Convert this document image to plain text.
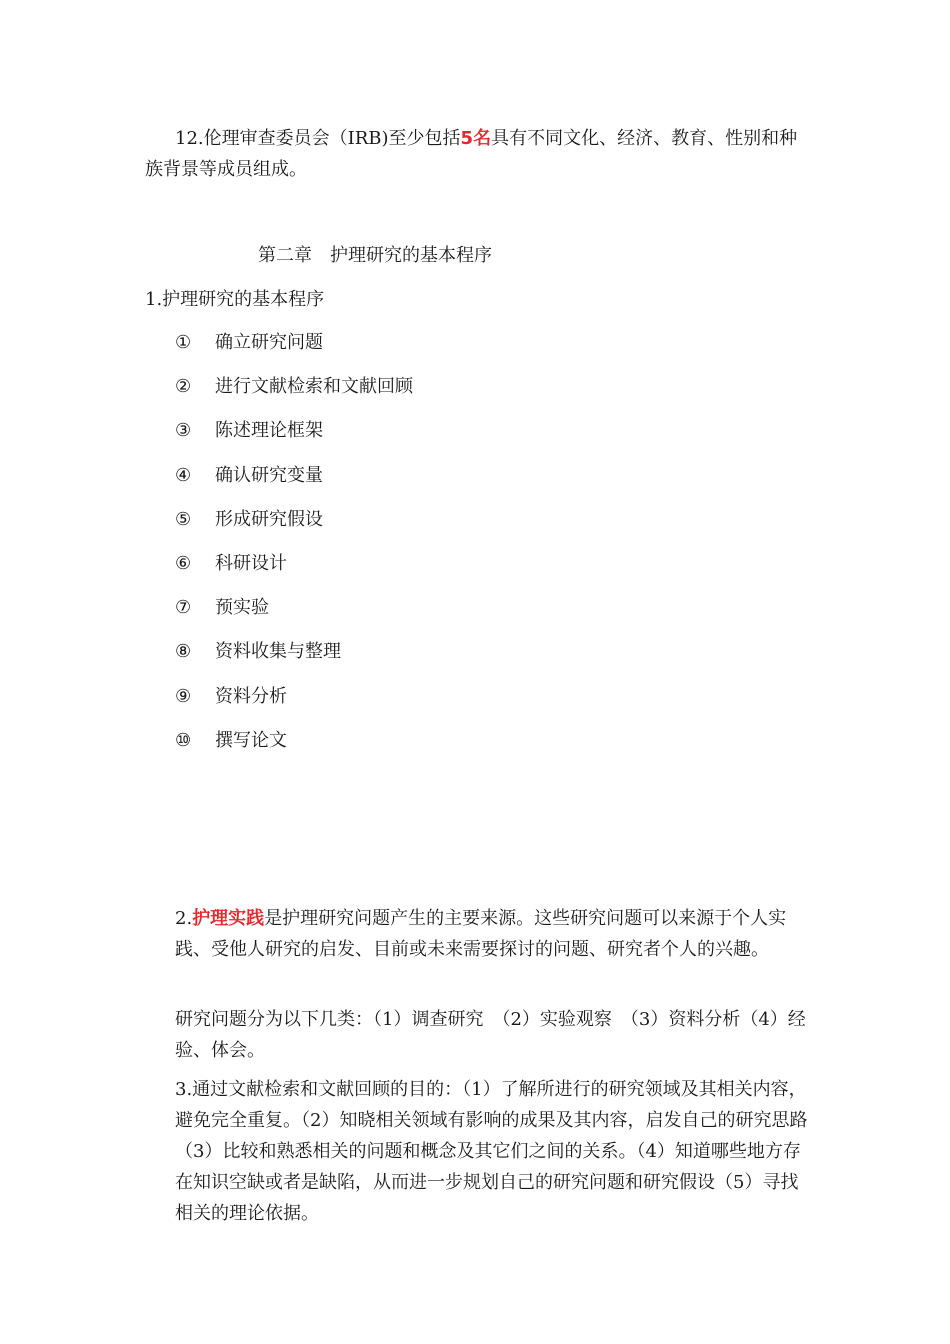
12.伦理审查委员会（IRB)至少包括5名具有不同文化、经济、教育、性别和种族背景等成员组成。

第二章　护理研究的基本程序
1.护理研究的基本程序
① 确立研究问题
② 进行文献检索和文献回顾
③ 陈述理论框架
④ 确认研究变量
⑤ 形成研究假设
⑥ 科研设计
⑦ 预实验
⑧ 资料收集与整理
⑨ 资料分析
⑩ 撰写论文

2.护理实践是护理研究问题产生的主要来源。这些研究问题可以来源于个人实践、受他人研究的启发、目前或未来需要探讨的问题、研究者个人的兴趣。

研究问题分为以下几类：（1）调查研究　（2）实验观察　（3）资料分析（4）经验、体会。

3.通过文献检索和文献回顾的目的：（1）了解所进行的研究领域及其相关内容，避免完全重复。（2）知晓相关领域有影响的成果及其内容，启发自己的研究思路（3）比较和熟悉相关的问题和概念及其它们之间的关系。（4）知道哪些地方存在知识空缺或者是缺陷，从而进一步规划自己的研究问题和研究假设（5）寻找相关的理论依据。
